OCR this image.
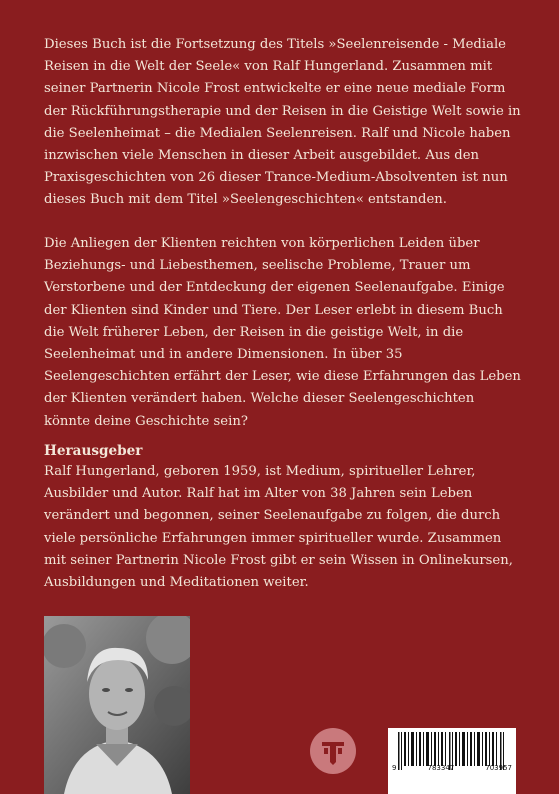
Dieses Buch ist die Fortsetzung des Titels »Seelenreisende - Mediale Reisen in die Welt der Seele« von Ralf Hungerland. Zusammen mit seiner Partnerin Nicole Frost entwickelte er eine neue mediale Form der Rückführungstherapie und der Reisen in die Geistige Welt sowie in die Seelenheimat – die Medialen Seelenreisen. Ralf und Nicole haben inzwischen viele Menschen in dieser Arbeit ausgebildet. Aus den Praxisgeschichten von 26 dieser Trance-Medium-Absolventen ist nun dieses Buch mit dem Titel »Seelengeschichten« entstanden.

Die Anliegen der Klienten reichten von körperlichen Leiden über Beziehungs- und Liebesthemen, seelische Probleme, Trauer um Verstorbene und der Entdeckung der eigenen Seelenaufgabe. Einige der Klienten sind Kinder und Tiere. Der Leser erlebt in diesem Buch die Welt früherer Leben, der Reisen in die geistige Welt, in die Seelenheimat und in andere Dimensionen. In über 35 Seelengeschichten erfährt der Leser, wie diese Erfahrungen das Leben der Klienten verändert haben. Welche dieser Seelengeschichten könnte deine Geschichte sein?

Herausgeber

Ralf Hungerland, geboren 1959, ist Medium, spiritueller Lehrer, Ausbilder und Autor. Ralf hat im Alter von 38 Jahren sein Leben verändert und begonnen, seiner Seelenaufgabe zu folgen, die durch viele persönliche Erfahrungen immer spiritueller wurde. Zusammen mit seiner Partnerin Nicole Frost gibt er sein Wissen in Onlinekursen, Ausbildungen und Meditationen weiter.

9	783347	703957
